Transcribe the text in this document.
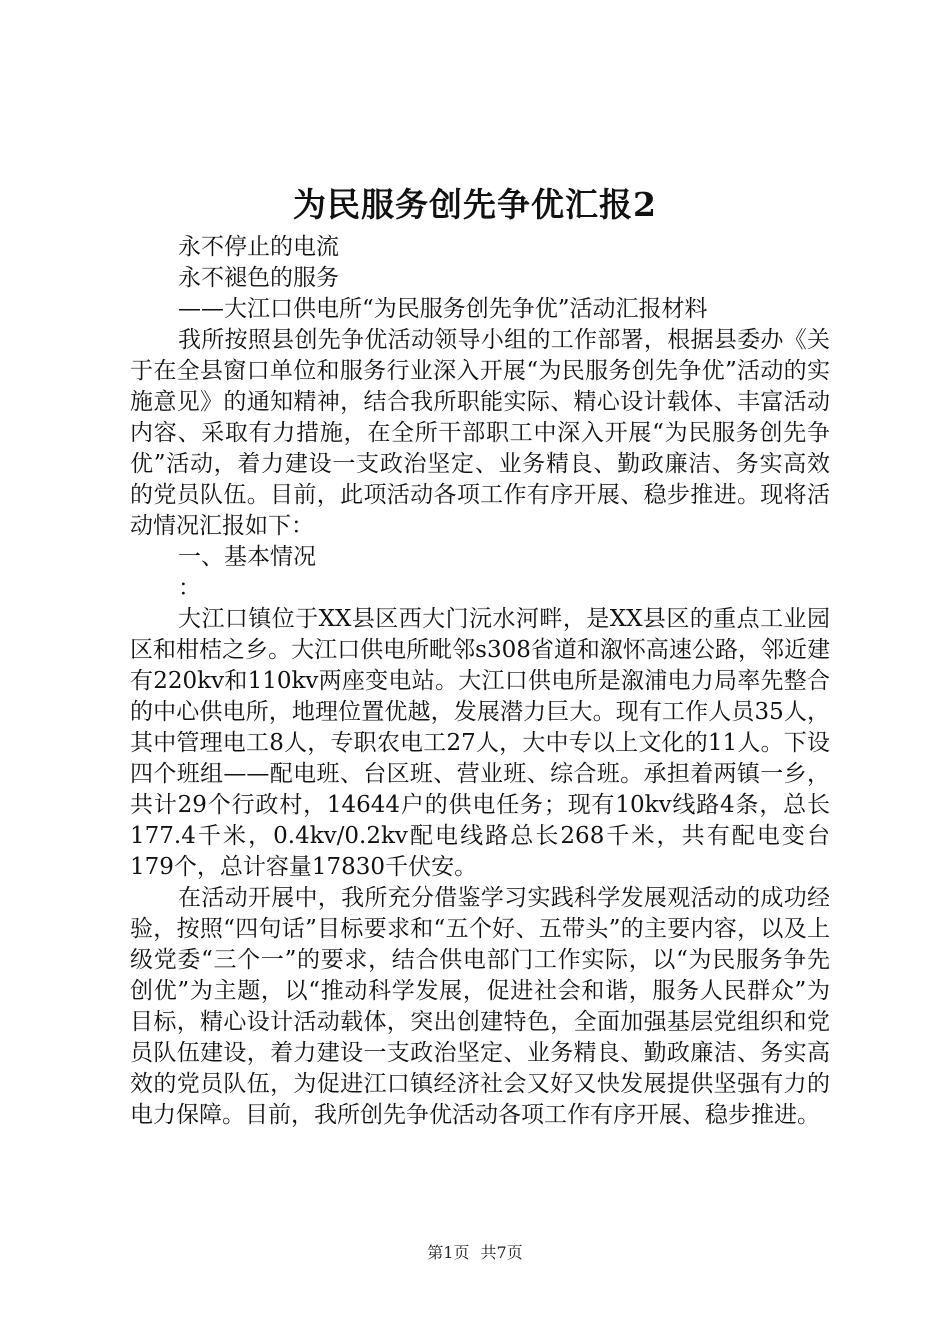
为民服务创先争优汇报2

永不停止的电流

永不褪色的服务

——大江口供电所“为民服务创先争优”活动汇报材料

我所按照县创先争优活动领导小组的工作部署，根据县委办《关于在全县窗口单位和服务行业深入开展“为民服务创先争优”活动的实施意见》的通知精神，结合我所职能实际、精心设计载体、丰富活动内容、采取有力措施，在全所干部职工中深入开展“为民服务创先争优”活动，着力建设一支政治坚定、业务精良、勤政廉洁、务实高效的党员队伍。目前，此项活动各项工作有序开展、稳步推进。现将活动情况汇报如下：

一、基本情况

：

大江口镇位于XX县区西大门沅水河畔，是XX县区的重点工业园区和柑桔之乡。大江口供电所毗邻s308省道和溆怀高速公路，邻近建有220kv和110kv两座变电站。大江口供电所是溆浦电力局率先整合的中心供电所，地理位置优越，发展潜力巨大。现有工作人员35人，其中管理电工8人，专职农电工27人，大中专以上文化的11人。下设四个班组——配电班、台区班、营业班、综合班。承担着两镇一乡，共计29个行政村，14644户的供电任务；现有10kv线路4条，总长177.4千米，0.4kv/0.2kv配电线路总长268千米，共有配电变台179个，总计容量17830千伏安。

在活动开展中，我所充分借鉴学习实践科学发展观活动的成功经验，按照“四句话”目标要求和“五个好、五带头”的主要内容，以及上级党委“三个一”的要求，结合供电部门工作实际，以“为民服务争先创优”为主题，以“推动科学发展，促进社会和谐，服务人民群众”为目标，精心设计活动载体，突出创建特色，全面加强基层党组织和党员队伍建设，着力建设一支政治坚定、业务精良、勤政廉洁、务实高效的党员队伍，为促进江口镇经济社会又好又快发展提供坚强有力的电力保障。目前，我所创先争优活动各项工作有序开展、稳步推进。

第1页 共7页
